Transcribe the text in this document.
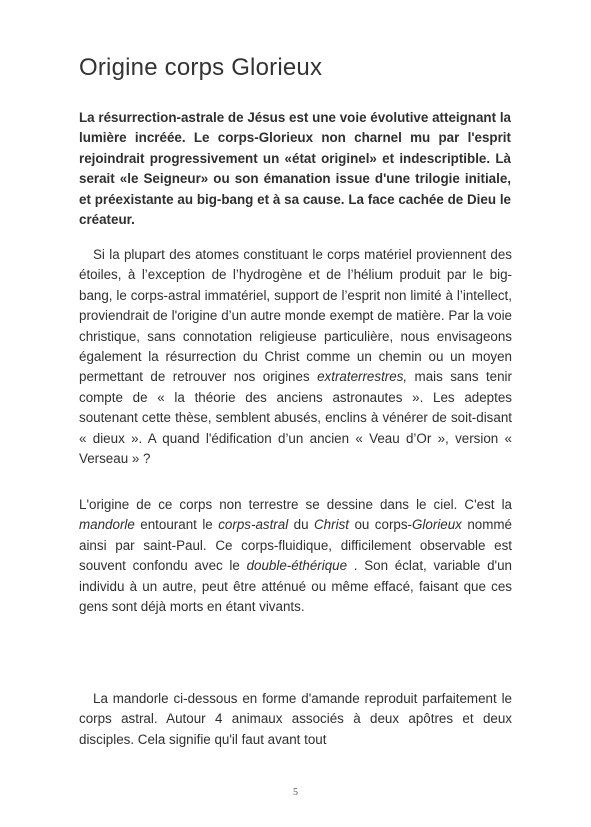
Origine corps Glorieux

La résurrection-astrale de Jésus est une voie évolutive atteignant la lumière incréée. Le corps-Glorieux non charnel mu par l'esprit rejoindrait progressivement un «état originel» et indescriptible. Là serait «le Seigneur» ou son émanation issue d'une trilogie initiale, et préexistante au big-bang et à sa cause. La face cachée de Dieu le créateur.

Si la plupart des atomes constituant le corps matériel proviennent des étoiles, à l’exception de l’hydrogène et de l’hélium produit par le big-bang, le corps-astral immatériel, support de l’esprit non limité à l’intellect, proviendrait de l'origine d’un autre monde exempt de matière. Par la voie christique, sans connotation religieuse particulière, nous envisageons également la résurrection du Christ comme un chemin ou un moyen permettant de retrouver nos origines extraterrestres, mais sans tenir compte de « la théorie des anciens astronautes ». Les adeptes soutenant cette thèse, semblent abusés, enclins à vénérer de soit-disant « dieux ». A quand l'édification d’un ancien « Veau d’Or », version « Verseau » ?

L'origine de ce corps non terrestre se dessine dans le ciel. C'est la mandorle entourant le corps-astral du Christ ou corps-Glorieux nommé ainsi par saint-Paul. Ce corps-fluidique, difficilement observable est souvent confondu avec le double-éthérique . Son éclat, variable d'un individu à un autre, peut être atténué ou même effacé, faisant que ces gens sont déjà morts en étant vivants.

La mandorle ci-dessous en forme d'amande reproduit parfaitement le corps astral. Autour 4 animaux associés à deux apôtres et deux disciples. Cela signifie qu'il faut avant tout

5
